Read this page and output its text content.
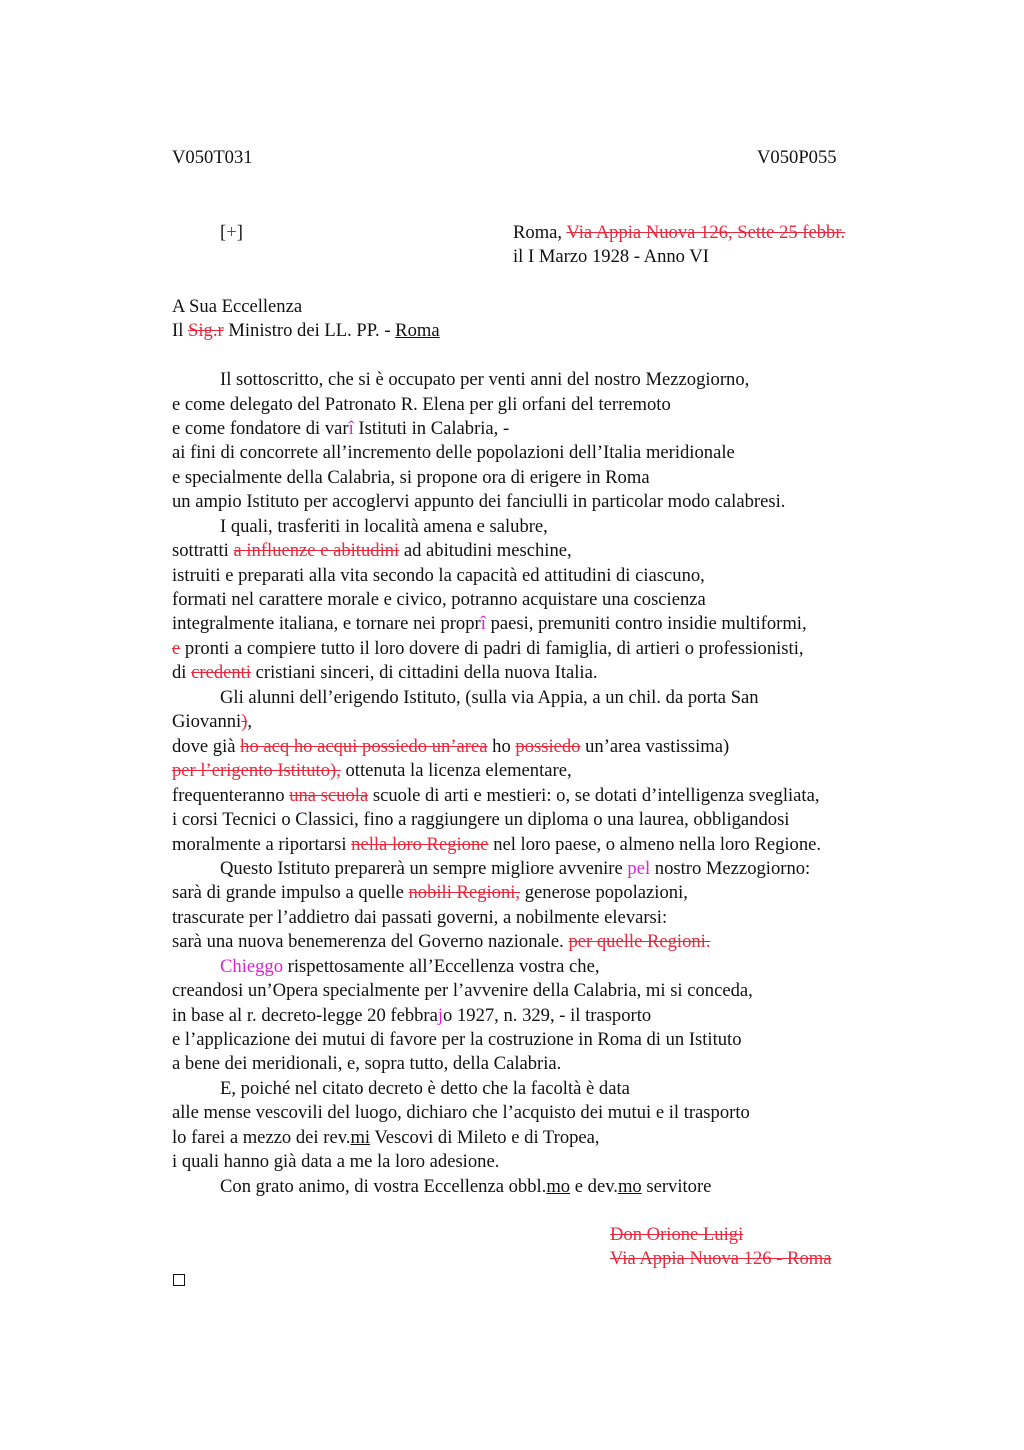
V050T031	V050P055
[+]	Roma, Via Appia Nuova 126, Sette 25 febbr.
il I Marzo 1928 - Anno VI
A Sua Eccellenza
Il Sig.r Ministro dei LL. PP. - Roma
Il sottoscritto, che si è occupato per venti anni del nostro Mezzogiorno,
e come delegato del Patronato R. Elena per gli orfani del terremoto
e come fondatore di varî Istituti in Calabria, -
ai fini di concorrete all’incremento delle popolazioni dell’Italia meridionale
e specialmente della Calabria, si propone ora di erigere in Roma
un ampio Istituto per accoglervi appunto dei fanciulli in particolar modo calabresi.
I quali, trasferiti in località amena e salubre,
sottratti a influenze e abitudini ad abitudini meschine,
istruiti e preparati alla vita secondo la capacità ed attitudini di ciascuno,
formati nel carattere morale e civico, potranno acquistare una coscienza
integralmente italiana, e tornare nei proprî paesi, premuniti contro insidie multiformi,
e pronti a compiere tutto il loro dovere di padri di famiglia, di artieri o professionisti,
di credenti cristiani sinceri, di cittadini della nuova Italia.
Gli alunni dell’erigendo Istituto, (sulla via Appia, a un chil. da porta San
Giovanni),
dove già ho acq ho acqui possiedo un’area ho possiedo un’area vastissima)
per l’erigento Istituto), ottenuta la licenza elementare,
frequenteranno una scuola scuole di arti e mestieri: o, se dotati d’intelligenza svegliata,
i corsi Tecnici o Classici, fino a raggiungere un diploma o una laurea, obbligandosi
moralmente a riportarsi nella loro Regione nel loro paese, o almeno nella loro Regione.
Questo Istituto preparerà un sempre migliore avvenire pel nostro Mezzogiorno:
sarà di grande impulso a quelle nobili Regioni, generose popolazioni,
trascurate per l’addietro dai passati governi, a nobilmente elevarsi:
sarà una nuova benemerenza del Governo nazionale. per quelle Regioni.
Chieggo rispettosamente all’Eccellenza vostra che,
creandosi un’Opera specialmente per l’avvenire della Calabria, mi si conceda,
in base al r. decreto-legge 20 febbrajo 1927, n. 329, - il trasporto
e l’applicazione dei mutui di favore per la costruzione in Roma di un Istituto
a bene dei meridionali, e, sopra tutto, della Calabria.
E, poiché nel citato decreto è detto che la facoltà è data
alle mense vescovili del luogo, dichiaro che l’acquisto dei mutui e il trasporto
lo farei a mezzo dei rev.mi Vescovi di Mileto e di Tropea,
i quali hanno già data a me la loro adesione.
Con grato animo, di vostra Eccellenza obbl.mo e dev.mo servitore
Don Orione Luigi
Via Appia Nuova 126 - Roma
